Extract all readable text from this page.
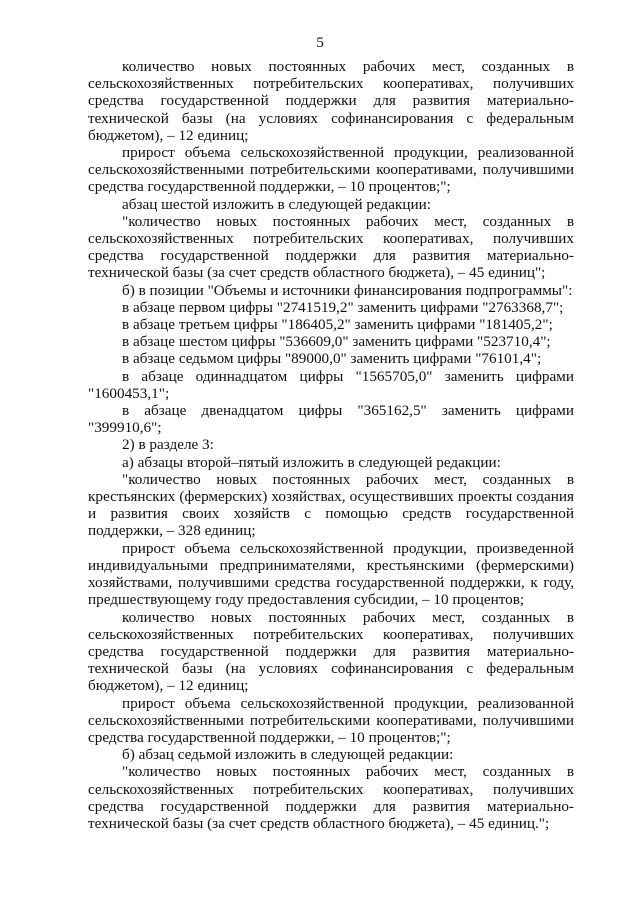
5

количество новых постоянных рабочих мест, созданных в сельскохозяйственных потребительских кооперативах, получивших средства государственной поддержки для развития материально-технической базы (на условиях софинансирования с федеральным бюджетом), – 12 единиц;

прирост объема сельскохозяйственной продукции, реализованной сельскохозяйственными потребительскими кооперативами, получившими средства государственной поддержки, – 10 процентов;";

абзац шестой изложить в следующей редакции:

"количество новых постоянных рабочих мест, созданных в сельскохозяйственных потребительских кооперативах, получивших средства государственной поддержки для развития материально-технической базы (за счет средств областного бюджета), – 45 единиц";

б) в позиции "Объемы и источники финансирования подпрограммы":

в абзаце первом цифры "2741519,2" заменить цифрами "2763368,7";

в абзаце третьем цифры "186405,2" заменить цифрами "181405,2";

в абзаце шестом цифры "536609,0" заменить цифрами "523710,4";

в абзаце седьмом цифры "89000,0" заменить цифрами "76101,4";

в абзаце одиннадцатом цифры "1565705,0" заменить цифрами "1600453,1";

в абзаце двенадцатом цифры "365162,5" заменить цифрами "399910,6";

2) в разделе 3:

а) абзацы второй–пятый изложить в следующей редакции:

"количество новых постоянных рабочих мест, созданных в крестьянских (фермерских) хозяйствах, осуществивших проекты создания и развития своих хозяйств с помощью средств государственной поддержки, – 328 единиц;

прирост объема сельскохозяйственной продукции, произведенной индивидуальными предпринимателями, крестьянскими (фермерскими) хозяйствами, получившими средства государственной поддержки, к году, предшествующему году предоставления субсидии, – 10 процентов;

количество новых постоянных рабочих мест, созданных в сельскохозяйственных потребительских кооперативах, получивших средства государственной поддержки для развития материально-технической базы (на условиях софинансирования с федеральным бюджетом), – 12 единиц;

прирост объема сельскохозяйственной продукции, реализованной сельскохозяйственными потребительскими кооперативами, получившими средства государственной поддержки, – 10 процентов;";

б) абзац седьмой изложить в следующей редакции:

"количество новых постоянных рабочих мест, созданных в сельскохозяйственных потребительских кооперативах, получивших средства государственной поддержки для развития материально-технической базы (за счет средств областного бюджета), – 45 единиц.";
